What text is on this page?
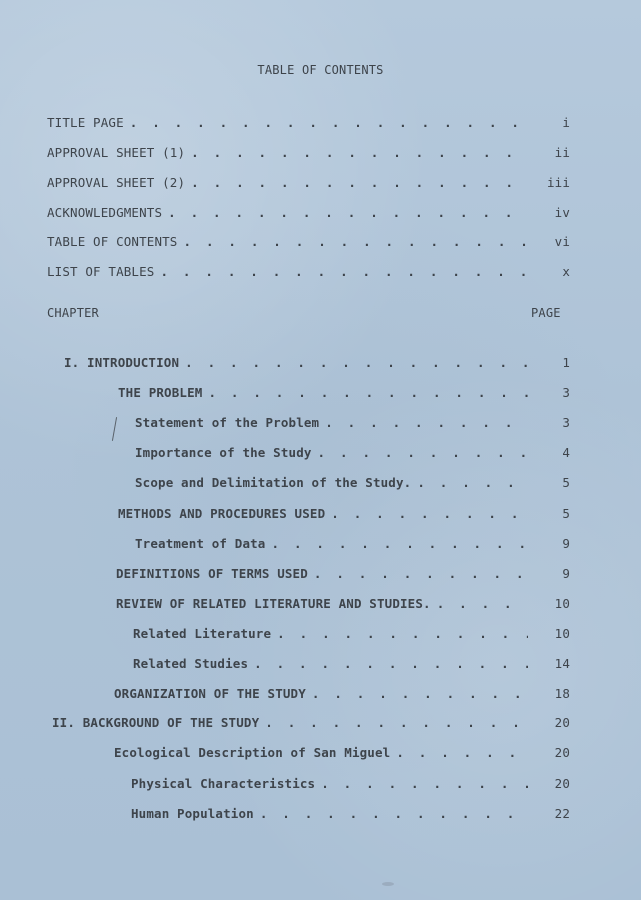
TABLE OF CONTENTS
TITLE PAGE . . .	i
APPROVAL SHEET (1) . . .	ii
APPROVAL SHEET (2) . . .	iii
ACKNOWLEDGMENTS . . .	iv
TABLE OF CONTENTS . . .	vi
LIST OF TABLES . . .	x
CHAPTER	PAGE
I. INTRODUCTION . . .	1
THE PROBLEM . . .	3
Statement of the Problem . . .	3
Importance of the Study . . .	4
Scope and Delimitation of the Study. . . .	5
METHODS AND PROCEDURES USED . . .	5
Treatment of Data . . .	9
DEFINITIONS OF TERMS USED . . .	9
REVIEW OF RELATED LITERATURE AND STUDIES. . . .	10
Related Literature . . .	10
Related Studies . . .	14
ORGANIZATION OF THE STUDY . . .	18
II. BACKGROUND OF THE STUDY . . .	20
Ecological Description of San Miguel . . .	20
Physical Characteristics . . .	20
Human Population . . .	22
